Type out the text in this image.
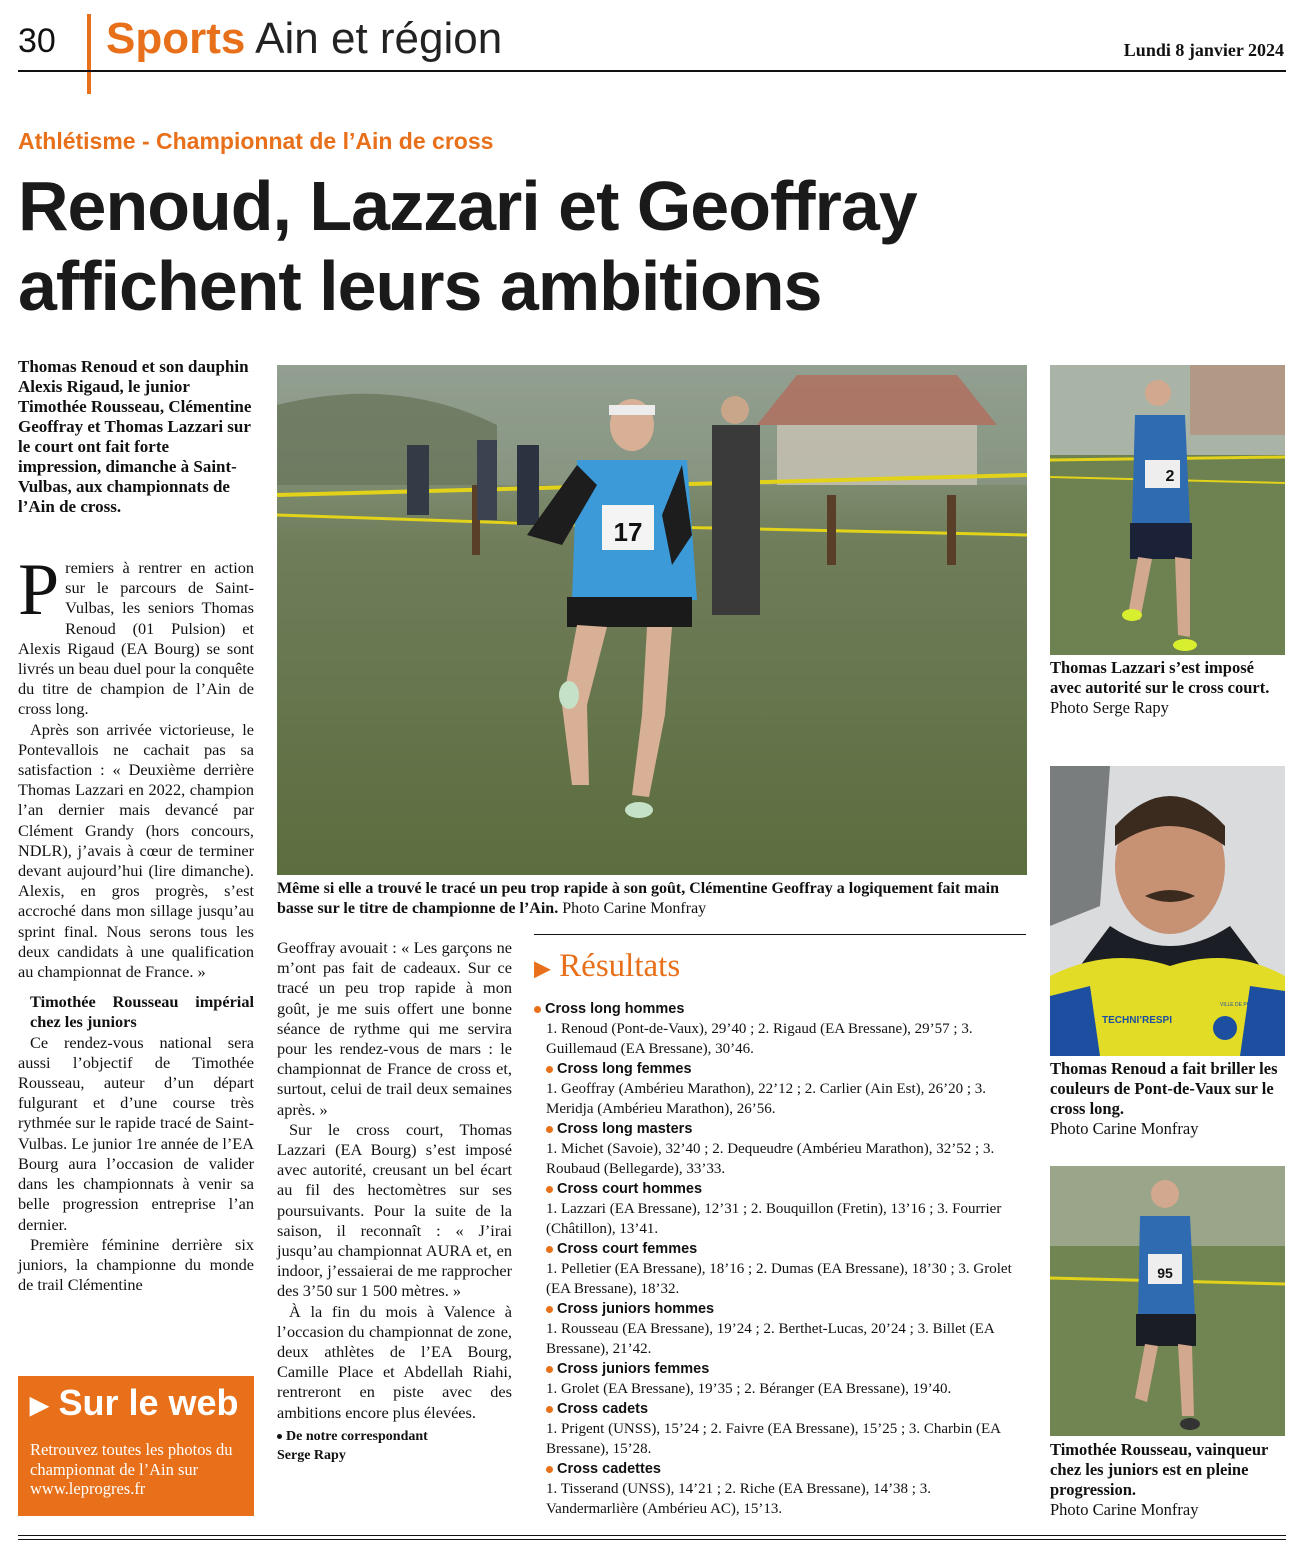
30 Sports Ain et région	Lundi 8 janvier 2024
Athlétisme - Championnat de l’Ain de cross
Renoud, Lazzari et Geoffray
affichent leurs ambitions
Thomas Renoud et son dauphin Alexis Rigaud, le junior Timothée Rousseau, Clémentine Geoffray et Thomas Lazzari sur le court ont fait forte impression, dimanche à Saint-Vulbas, aux championnats de l’Ain de cross.

Premiers à rentrer en action sur le parcours de Saint-Vulbas, les seniors Thomas Renoud (01 Pulsion) et Alexis Rigaud (EA Bourg) se sont livrés un beau duel pour la conquête du titre de champion de l’Ain de cross long.

Après son arrivée victorieuse, le Pontevallois ne cachait pas sa satisfaction : « Deuxième derrière Thomas Lazzari en 2022, champion l’an dernier mais devancé par Clément Grandy (hors concours, NDLR), j’avais à cœur de terminer devant aujourd’hui (lire dimanche). Alexis, en gros progrès, s’est accroché dans mon sillage jusqu’au sprint final. Nous serons tous les deux candidats à une qualification au championnat de France. »

Timothée Rousseau impérial chez les juniors

Ce rendez-vous national sera aussi l’objectif de Timothée Rousseau, auteur d’un départ fulgurant et d’une course très rythmée sur le rapide tracé de Saint-Vulbas. Le junior 1re année de l’EA Bourg aura l’occasion de valider dans les championnats à venir sa belle progression entreprise l’an dernier.

Première féminine derrière six juniors, la championne du monde de trail Clémentine

▶ Sur le web
Retrouvez toutes les photos du championnat de l’Ain sur www.leprogres.fr
17
Même si elle a trouvé le tracé un peu trop rapide à son goût, Clémentine Geoffray a logiquement fait main basse sur le titre de championne de l’Ain. Photo Carine Monfray

Geoffray avouait : « Les garçons ne m’ont pas fait de cadeaux. Sur ce tracé un peu trop rapide à mon goût, je me suis offert une bonne séance de rythme qui me servira pour les rendez-vous de mars : le championnat de France de cross et, surtout, celui de trail deux semaines après. »

Sur le cross court, Thomas Lazzari (EA Bourg) s’est imposé avec autorité, creusant un bel écart au fil des hectomètres sur ses poursuivants. Pour la suite de la saison, il reconnaît : « J’irai jusqu’au championnat AURA et, en indoor, j’essaierai de me rapprocher des 3’50 sur 1 500 mètres. »

À la fin du mois à Valence à l’occasion du championnat de zone, deux athlètes de l’EA Bourg, Camille Place et Abdellah Riahi, rentreront en piste avec des ambitions encore plus élevées.

De notre correspondant
Serge Rapy

▶ Résultats
Cross long hommes
1. Renoud (Pont-de-Vaux), 29’40 ; 2. Rigaud (EA Bressane), 29’57 ; 3. Guillemaud (EA Bressane), 30’46.
Cross long femmes
1. Geoffray (Ambérieu Marathon), 22’12 ; 2. Carlier (Ain Est), 26’20 ; 3. Meridja (Ambérieu Marathon), 26’56.
Cross long masters
1. Michet (Savoie), 32’40 ; 2. Dequeudre (Ambérieu Marathon), 32’52 ; 3. Roubaud (Bellegarde), 33’33.
Cross court hommes
1. Lazzari (EA Bressane), 12’31 ; 2. Bouquillon (Fretin), 13’16 ; 3. Fourrier (Châtillon), 13’41.
Cross court femmes
1. Pelletier (EA Bressane), 18’16 ; 2. Dumas (EA Bressane), 18’30 ; 3. Grolet (EA Bressane), 18’32.
Cross juniors hommes
1. Rousseau (EA Bressane), 19’24 ; 2. Berthet-Lucas, 20’24 ; 3. Billet (EA Bressane), 21’42.
Cross juniors femmes
1. Grolet (EA Bressane), 19’35 ; 2. Béranger (EA Bressane), 19’40.
Cross cadets
1. Prigent (UNSS), 15’24 ; 2. Faivre (EA Bressane), 15’25 ; 3. Charbin (EA Bressane), 15’28.
Cross cadettes
1. Tisserand (UNSS), 14’21 ; 2. Riche (EA Bressane), 14’38 ; 3. Vandermarlière (Ambérieu AC), 15’13.
2
Thomas Lazzari s’est imposé avec autorité sur le cross court.
Photo Serge Rapy
TECHNI’RESPI
VILLE DE PONT-DE-VAUX
Thomas Renoud a fait briller les couleurs de Pont-de-Vaux sur le cross long.
Photo Carine Monfray
95
Timothée Rousseau, vainqueur chez les juniors est en pleine progression.
Photo Carine Monfray
